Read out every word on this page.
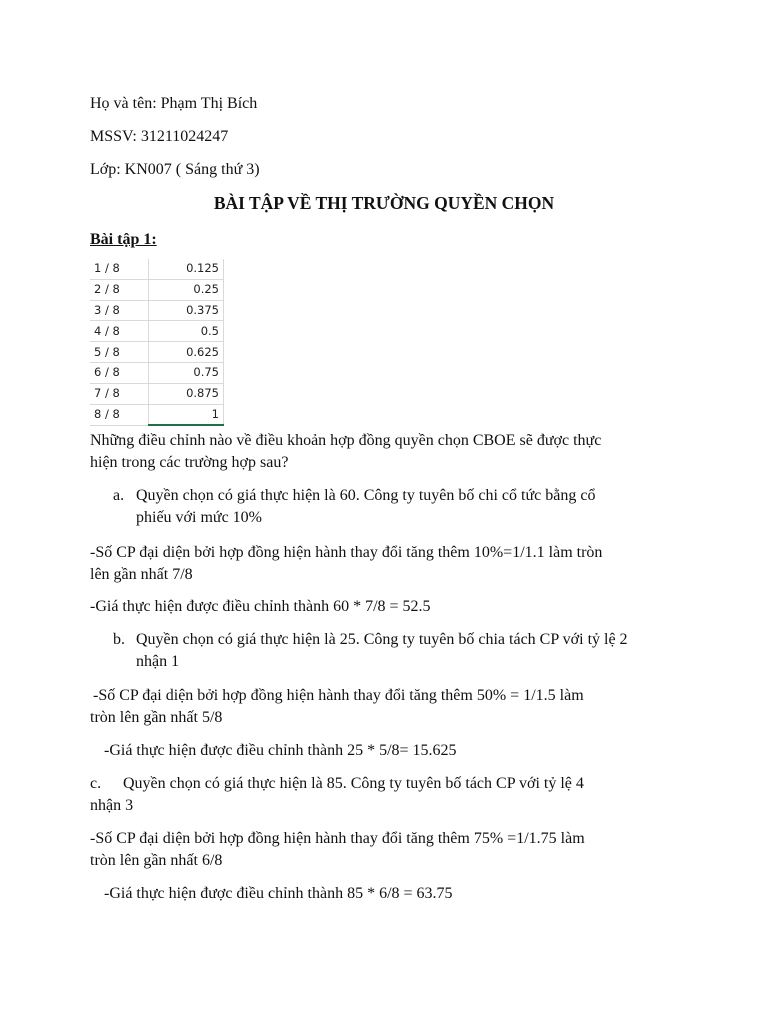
Họ và tên: Phạm Thị Bích
MSSV: 31211024247
Lớp: KN007 ( Sáng thứ 3)
BÀI TẬP VỀ THỊ TRƯỜNG QUYỀN CHỌN
Bài tập 1:
1 / 8	0.125
2 / 8	0.25
3 / 8	0.375
4 / 8	0.5
5 / 8	0.625
6 / 8	0.75
7 / 8	0.875
8 / 8	1
Những điều chỉnh nào về điều khoản hợp đồng quyền chọn CBOE sẽ được thực
hiện trong các trường hợp sau?
a. Quyền chọn có giá thực hiện là 60. Công ty tuyên bố chi cổ tức bằng cổ
phiếu với mức 10%
-Số CP đại diện bởi hợp đồng hiện hành thay đổi tăng thêm 10%=1/1.1 làm tròn
lên gần nhất 7/8
-Giá thực hiện được điều chỉnh thành 60 * 7/8 = 52.5
b. Quyền chọn có giá thực hiện là 25. Công ty tuyên bố chia tách CP với tỷ lệ 2
nhận 1
-Số CP đại diện bởi hợp đồng hiện hành thay đổi tăng thêm 50% = 1/1.5 làm
tròn lên gần nhất 5/8
-Giá thực hiện được điều chỉnh thành 25 * 5/8= 15.625
c. Quyền chọn có giá thực hiện là 85. Công ty tuyên bố tách CP với tỷ lệ 4
nhận 3
-Số CP đại diện bởi hợp đồng hiện hành thay đổi tăng thêm 75% =1/1.75 làm
tròn lên gần nhất 6/8
-Giá thực hiện được điều chỉnh thành 85 * 6/8 = 63.75
